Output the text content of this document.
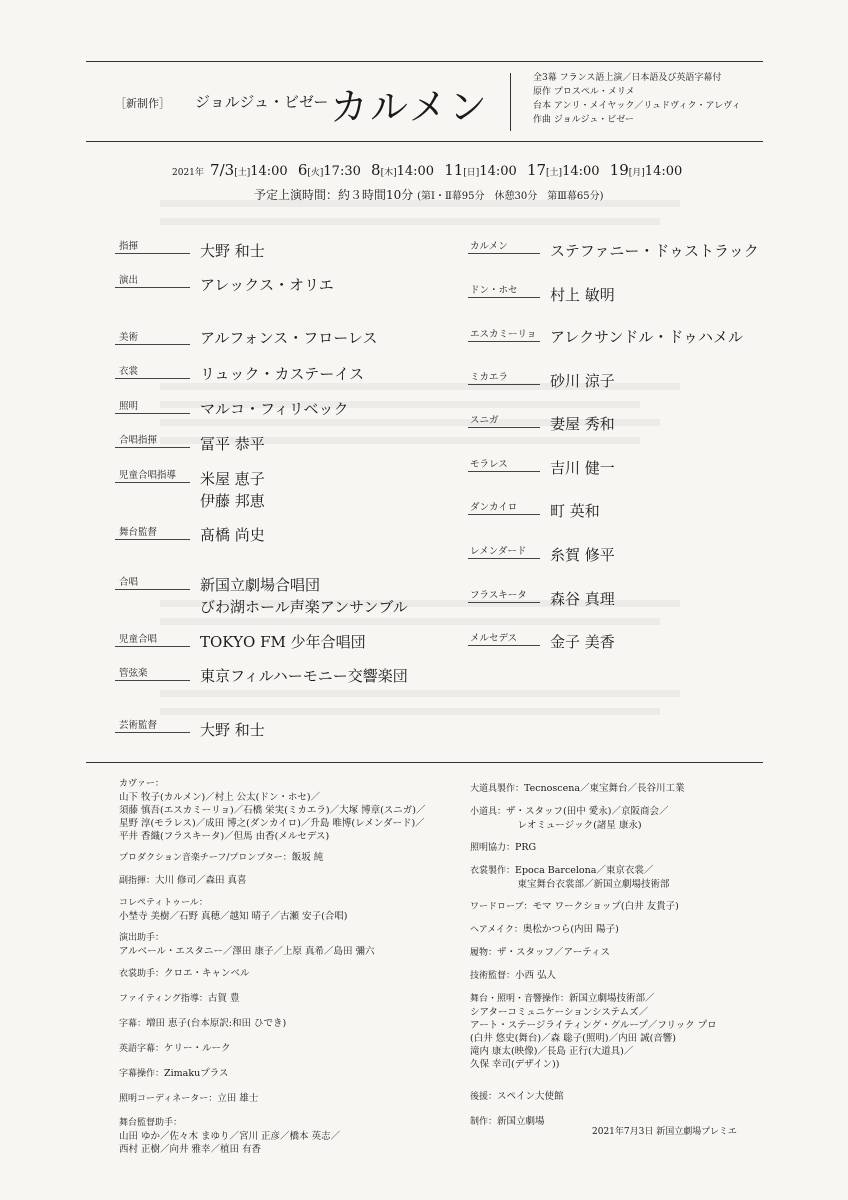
［新制作］ ジョルジュ・ビゼー カルメン
全3幕 フランス語上演／日本語及び英語字幕付
原作 プロスペル・メリメ
台本 アンリ・メイヤック／リュドヴィク・アレヴィ
作曲 ジョルジュ・ビゼー
2021年 7/3[土]14:00 6[火]17:30 8[木]14:00 11[日]14:00 17[土]14:00 19[月]14:00
予定上演時間：約３時間10分 (第Ⅰ・Ⅱ幕95分　休憩30分　第Ⅲ幕65分)
指揮	大野 和士
演出	アレックス・オリエ
美術	アルフォンス・フローレス
衣裳	リュック・カステーイス
照明	マルコ・フィリベック
合唱指揮	冨平 恭平
児童合唱指導 米屋 恵子
伊藤 邦恵
舞台監督	髙橋 尚史
合唱	新国立劇場合唱団
びわ湖ホール声楽アンサンブル
児童合唱	TOKYO FM 少年合唱団
管弦楽	東京フィルハーモニー交響楽団
芸術監督	大野 和士
カルメン	ステファニー・ドゥストラック
ドン・ホセ 村上 敏明
エスカミーリョ アレクサンドル・ドゥハメル
ミカエラ	砂川 涼子
スニガ	妻屋 秀和
モラレス	吉川 健一
ダンカイロ 町 英和
レメンダード 糸賀 修平
フラスキータ 森谷 真理
メルセデス 金子 美香
カヴァー：
山下 牧子(カルメン)／村上 公太(ドン・ホセ)／
須藤 慎吾(エスカミーリョ)／石橋 栄実(ミカエラ)／大塚 博章(スニガ)／
星野 淳(モラレス)／成田 博之(ダンカイロ)／升島 唯博(レメンダード)／
平井 香織(フラスキータ)／但馬 由香(メルセデス)
プロダクション音楽チーフ/プロンプター：飯坂 純
副指揮：大川 修司／森田 真喜
コレペティトゥール：
小埜寺 美樹／石野 真穂／越知 晴子／古瀬 安子(合唱)
演出助手：
アルベール・エスタニー／澤田 康子／上原 真希／島田 彌六
衣裳助手：クロエ・キャンベル
ファイティング指導：古賀 豊
字幕：増田 恵子(台本原訳:和田 ひでき)
英語字幕：ケリー・ルーク
字幕操作：Zimakuプラス
照明コーディネーター：立田 雄士
舞台監督助手：
山田 ゆか／佐々木 まゆり／宮川 正彦／橋本 英志／
西村 正樹／向井 雅幸／植田 有香
大道具製作：Tecnoscena／東宝舞台／長谷川工業
小道具：ザ・スタッフ(田中 愛永)／京阪商会／
　　　　　レオミュージック(諸星 康永)
照明協力：PRG
衣裳製作：Epoca Barcelona／東京衣裳／
　　　　　東宝舞台衣裳部／新国立劇場技術部
ワードローブ：モマ ワークショップ(白井 友貴子)
ヘアメイク：奥松かつら(内田 陽子)
履物：ザ・スタッフ／アーティス
技術監督：小西 弘人
舞台・照明・音響操作：新国立劇場技術部／
シアターコミュニケーションシステムズ／
アート・ステージライティング・グループ／フリック プロ
(白井 悠史(舞台)／森 聡子(照明)／内田 誠(音響)
滝内 康太(映像)／長島 正行(大道具)／
久保 幸司(デザイン))
後援：スペイン大使館
制作：新国立劇場
2021年7月3日 新国立劇場プレミエ
